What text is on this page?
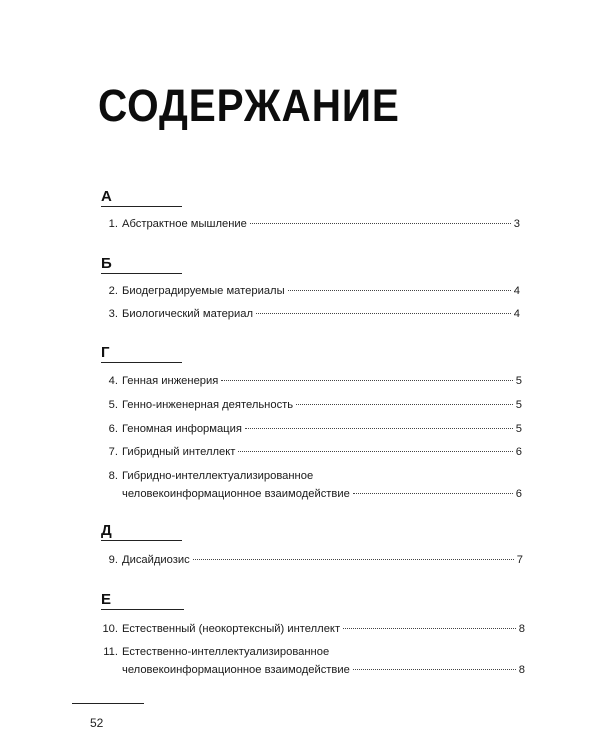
СОДЕРЖАНИЕ
А
1. Абстрактное мышление	3
Б
2. Биодеградируемые материалы	4
3. Биологический материал	4
Г
4. Генная инженерия	5
5. Генно-инженерная деятельность	5
6. Геномная информация	5
7. Гибридный интеллект	6
8. Гибридно-интеллектуализированное
человекоинформационное взаимодействие	6
Д
9. Дисайдиозис	7
Е
10. Естественный (неокортексный) интеллект	8
11. Естественно-интеллектуализированное
человекоинформационное взаимодействие	8
52
